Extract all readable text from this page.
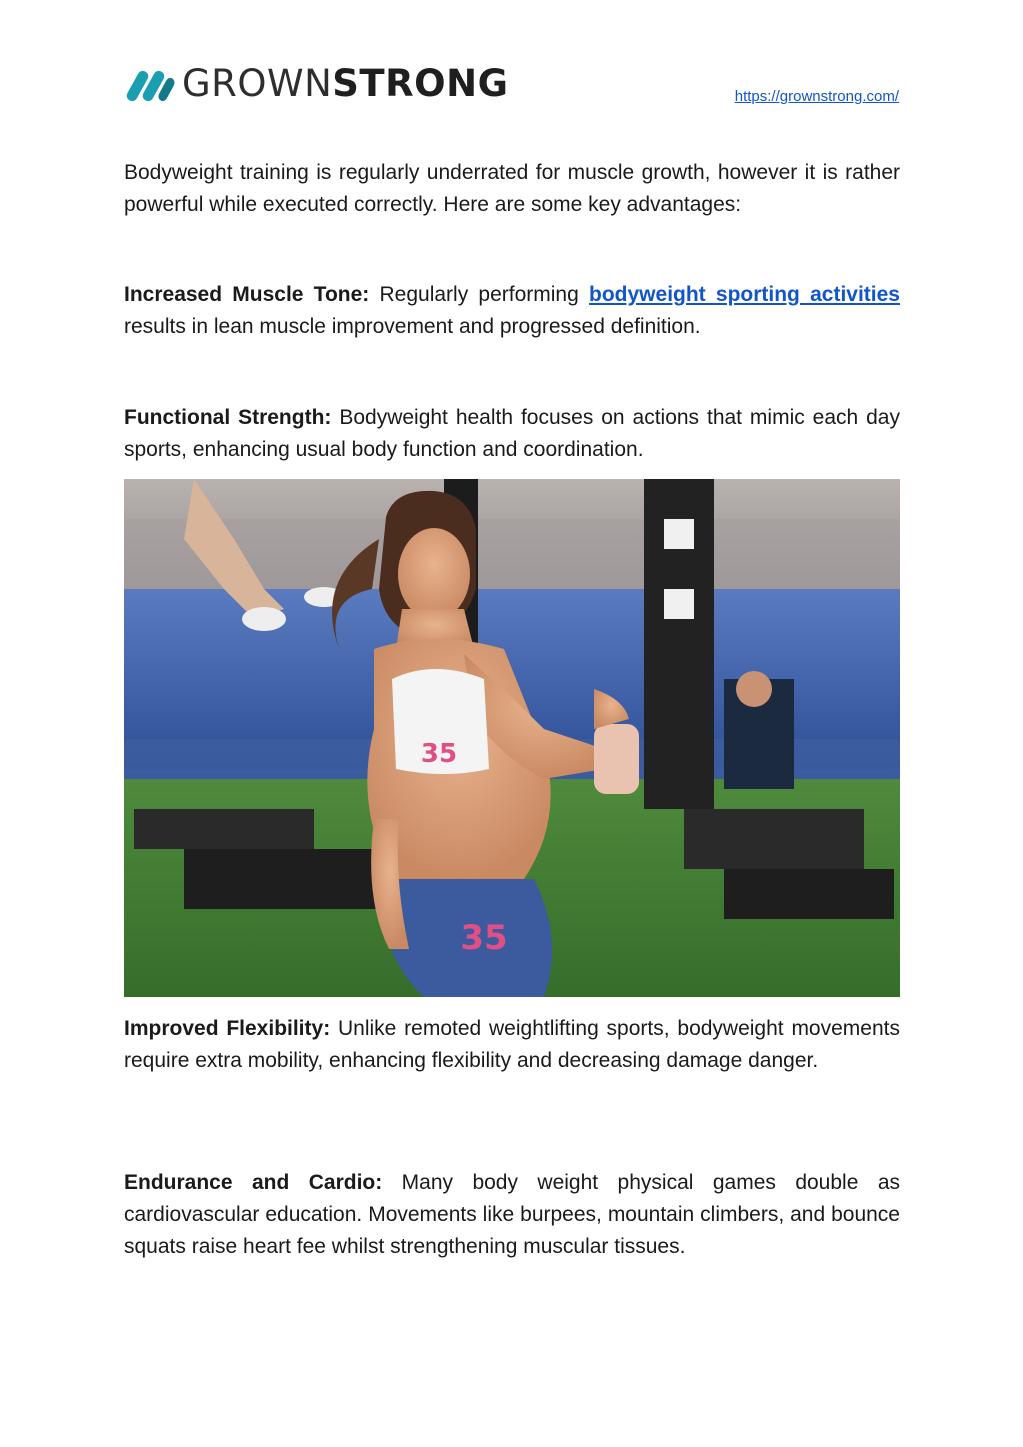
GROWNSTRONG	https://grownstrong.com/

Bodyweight training is regularly underrated for muscle growth, however it is rather powerful while executed correctly. Here are some key advantages:

Increased Muscle Tone: Regularly performing bodyweight sporting activities results in lean muscle improvement and progressed definition.

Functional Strength: Bodyweight health focuses on actions that mimic each day sports, enhancing usual body function and coordination.

35
35

Improved Flexibility: Unlike remoted weightlifting sports, bodyweight movements require extra mobility, enhancing flexibility and decreasing damage danger.

Endurance and Cardio: Many body weight physical games double as cardiovascular education. Movements like burpees, mountain climbers, and bounce squats raise heart fee whilst strengthening muscular tissues.
